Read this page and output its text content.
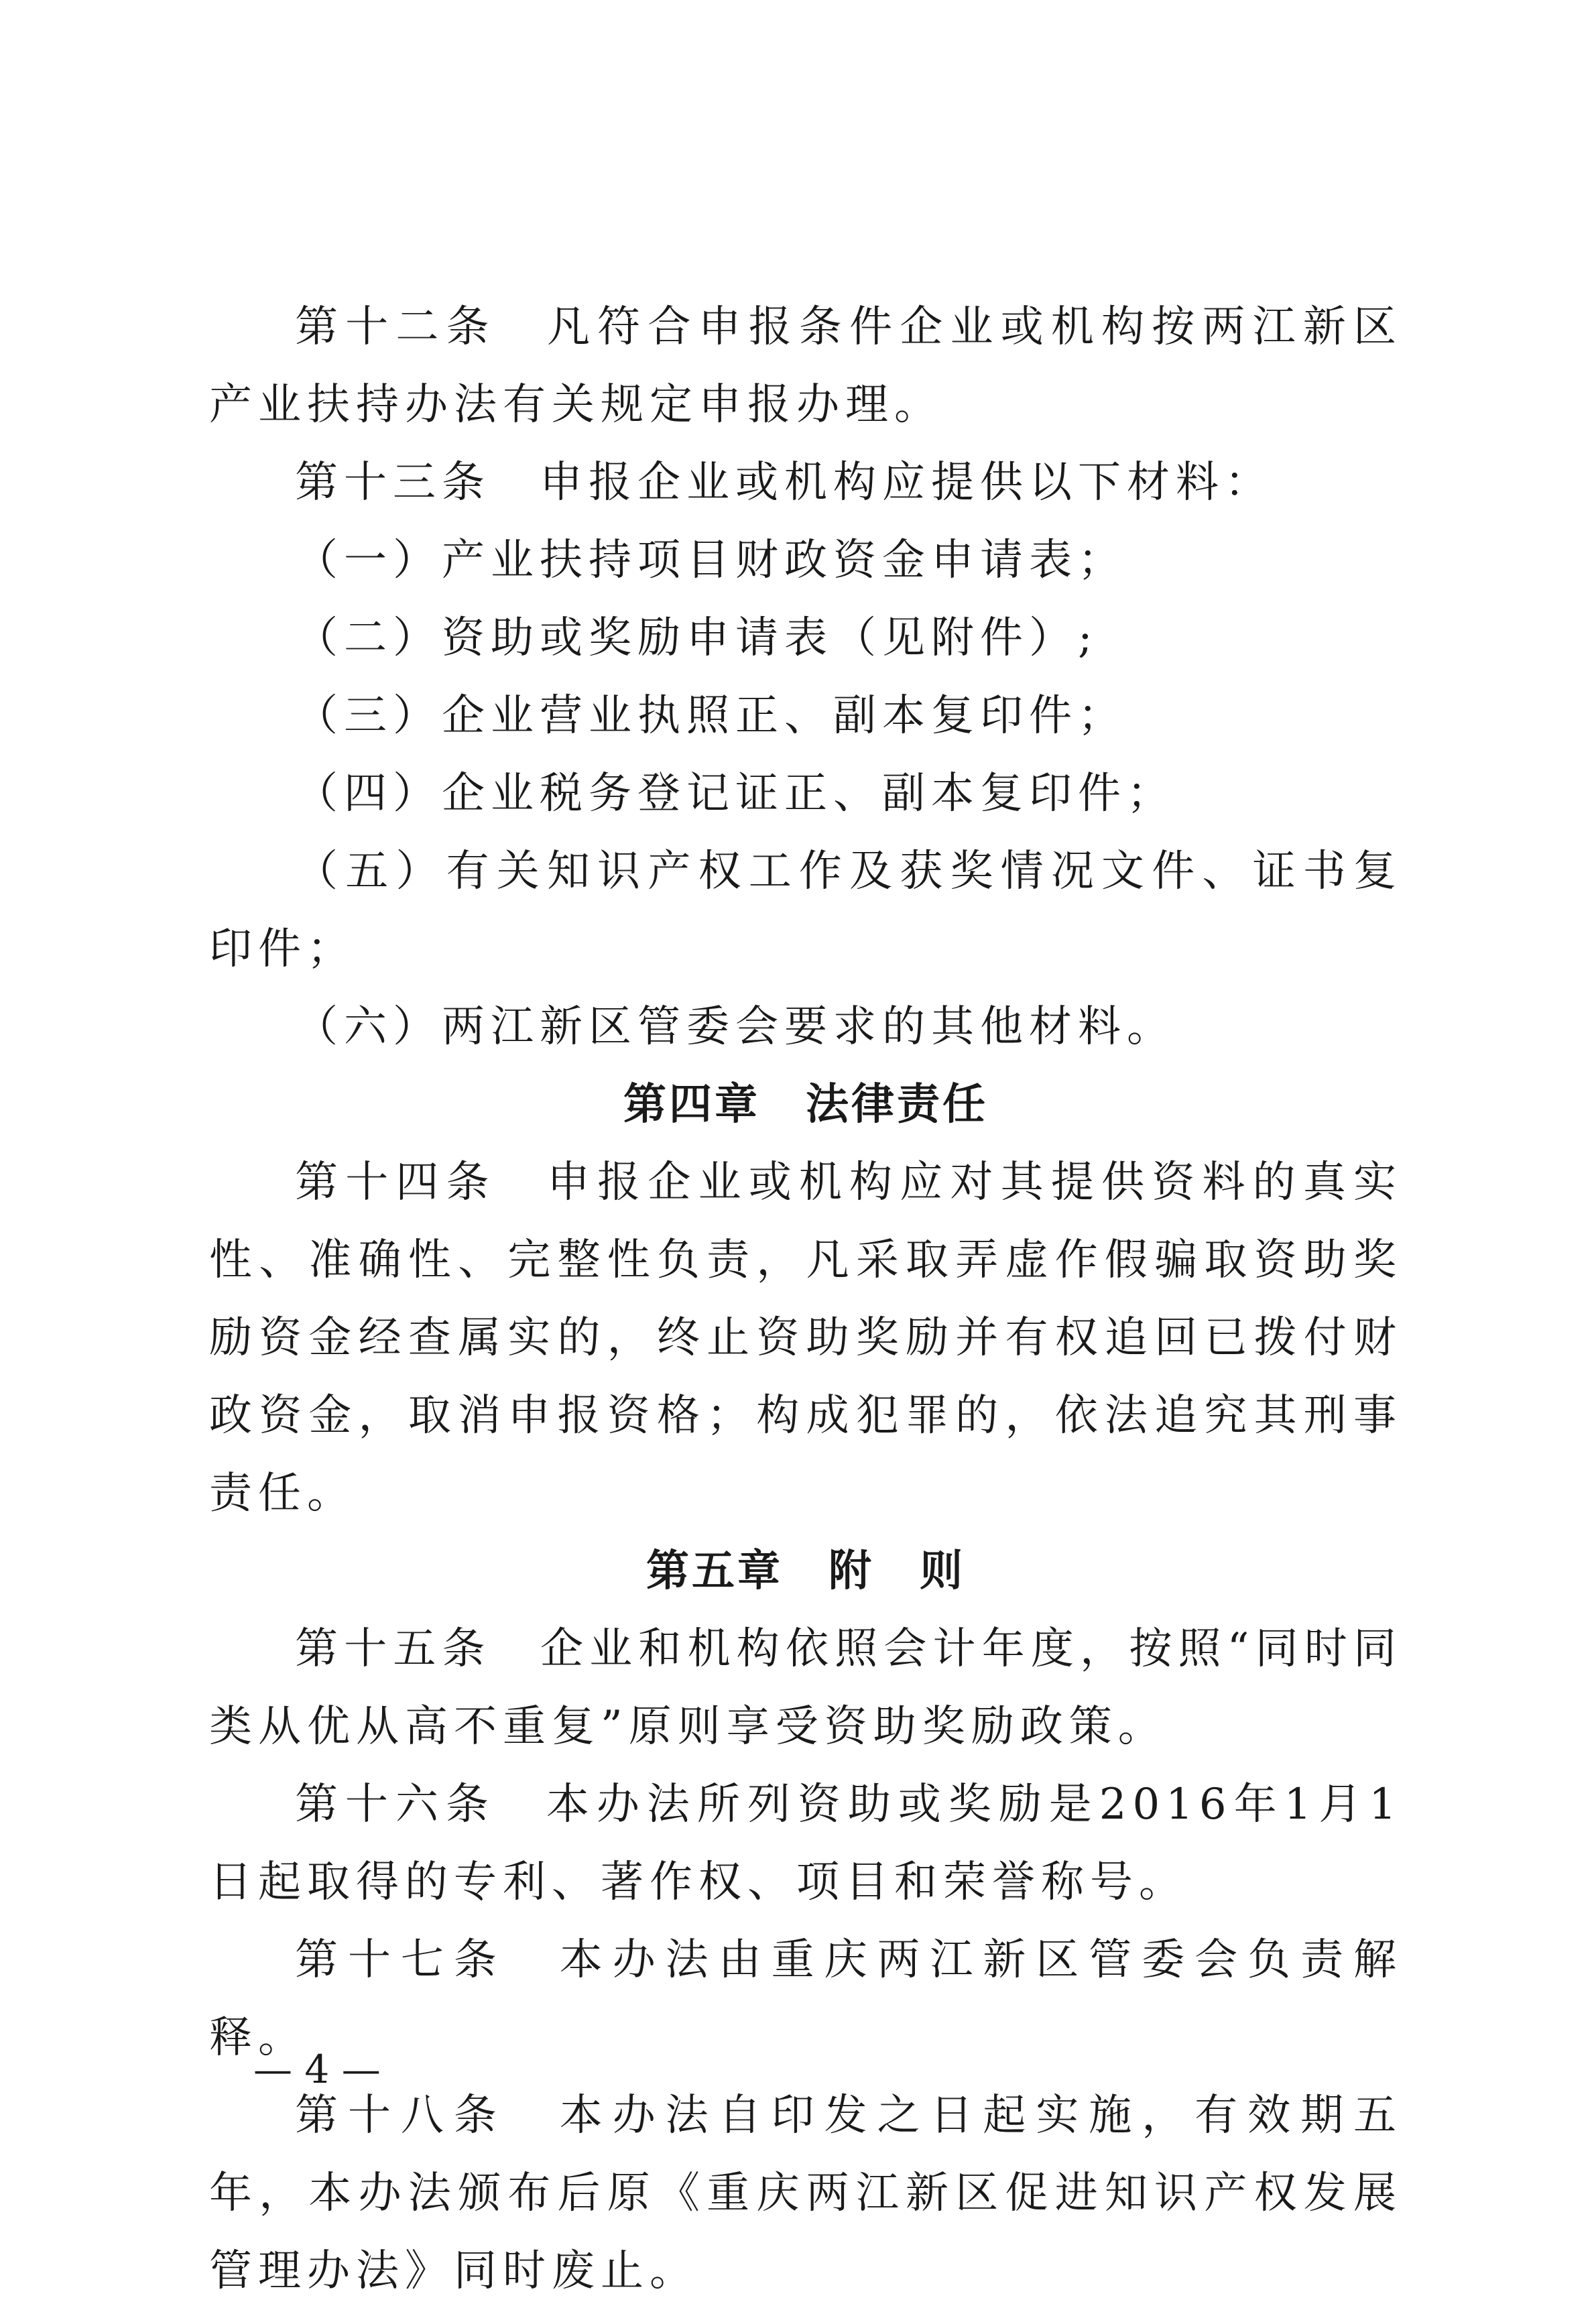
第十二条　 凡符合申报条件企业或机构按两江新区产业扶持办法有关规定申报办理。

第十三条　 申报企业或机构应提供以下材料：

（一）产业扶持项目财政资金申请表；

（二）资助或奖励申请表（见附件）;

（三）企业营业执照正、副本复印件；

（四）企业税务登记证正、副本复印件；

（五）有关知识产权工作及获奖情况文件、证书复印件；

（六）两江新区管委会要求的其他材料。

第四章　法律责任

第十四条　 申报企业或机构应对其提供资料的真实性、准确性、完整性负责，凡采取弄虚作假骗取资助奖励资金经查属实的，终止资助奖励并有权追回已拨付财政资金，取消申报资格；构成犯罪的，依法追究其刑事责任。

第五章　附　则

第十五条　 企业和机构依照会计年度，按照“同时同类从优从高不重复”原则享受资助奖励政策。

第十六条　 本办法所列资助或奖励是2016年1月1日起取得的专利、著作权、项目和荣誉称号。

第十七条　 本办法由重庆两江新区管委会负责解释。

第十八条　 本办法自印发之日起实施，有效期五年，本办法颁布后原《重庆两江新区促进知识产权发展管理办法》同时废止。

— 4 —
